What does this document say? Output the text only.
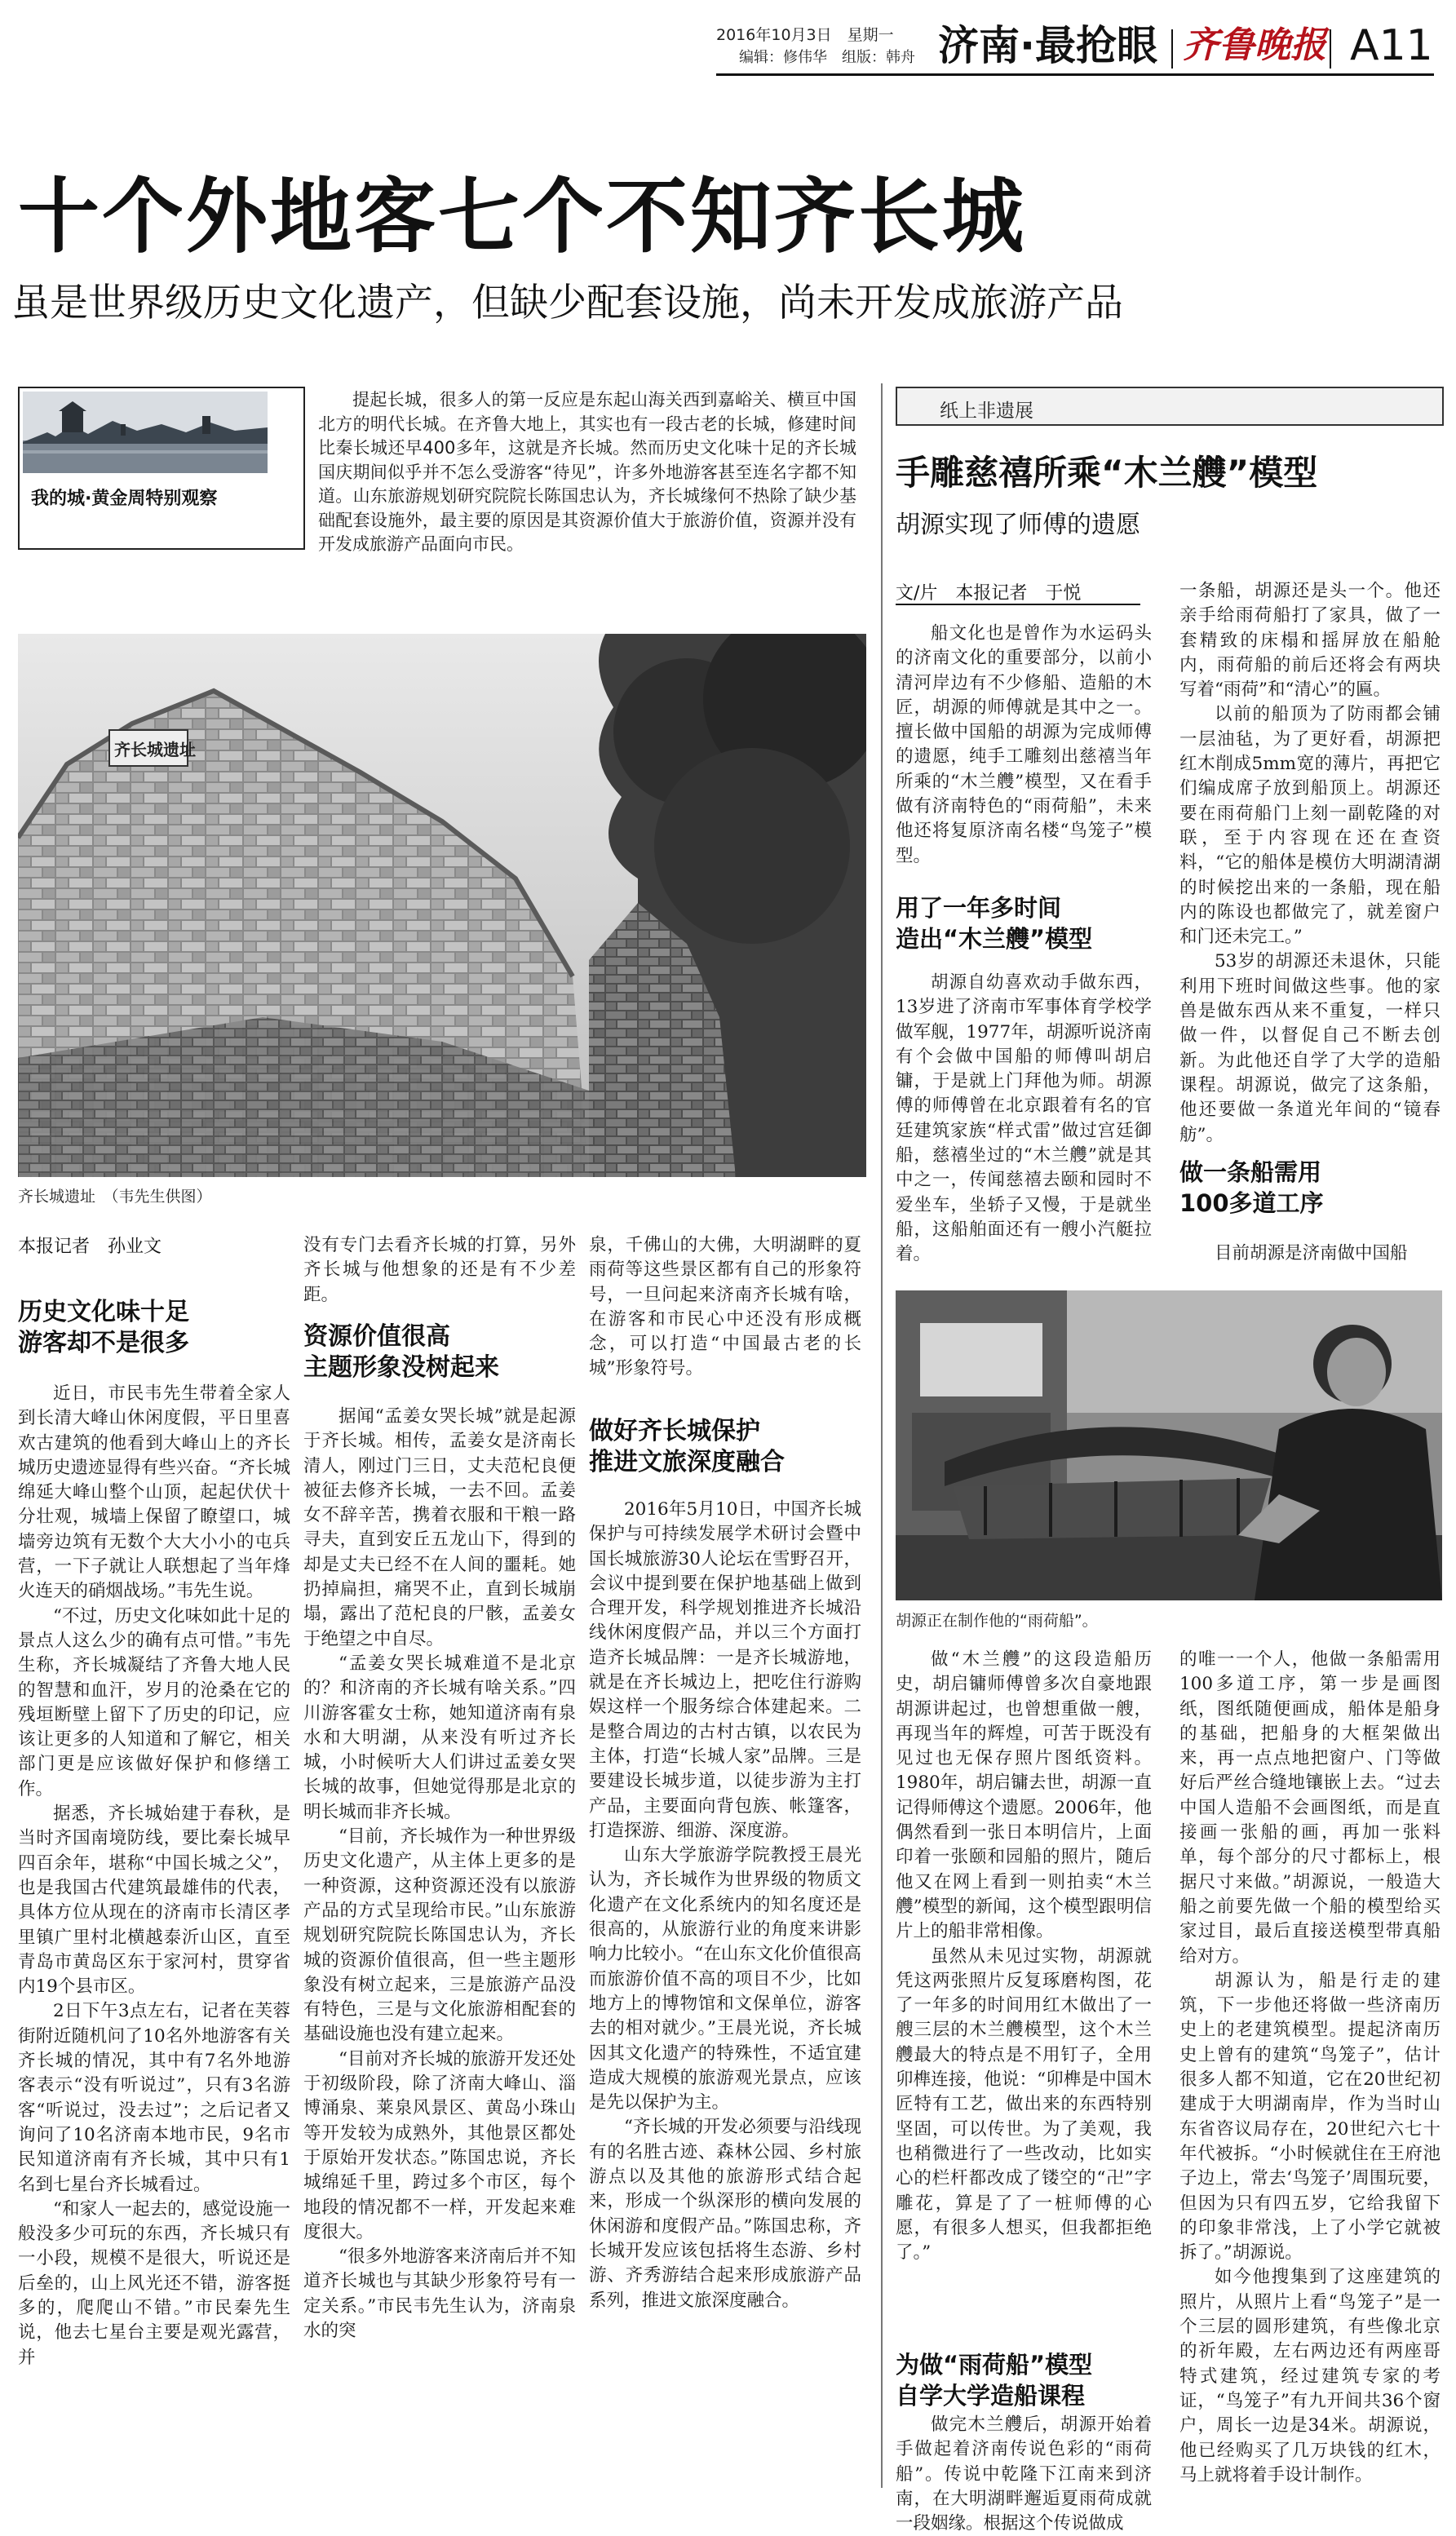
2016年10月3日　 星期一
编辑：修伟华　组版：韩舟 济南·最抢眼 齐鲁晚报 A11
十个外地客七个不知齐长城
虽是世界级历史文化遗产，但缺少配套设施，尚未开发成旅游产品
我的城·黄金周特别观察

提起长城，很多人的第一反应是东起山海关西到嘉峪关、横亘中国北方的明代长城。在齐鲁大地上，其实也有一段古老的长城，修建时间比秦长城还早400多年，这就是齐长城。然而历史文化味十足的齐长城国庆期间似乎并不怎么受游客“待见”，许多外地游客甚至连名字都不知道。山东旅游规划研究院院长陈国忠认为，齐长城缘何不热除了缺少基础配套设施外，最主要的原因是其资源价值大于旅游价值，资源并没有开发成旅游产品面向市民。

齐长城遗址
齐长城遗址　（韦先生供图）
本报记者　孙业文
历史文化味十足
游客却不是很多

近日，市民韦先生带着全家人到长清大峰山休闲度假，平日里喜欢古建筑的他看到大峰山上的齐长城历史遗迹显得有些兴奋。“齐长城绵延大峰山整个山顶，起起伏伏十分壮观，城墙上保留了瞭望口，城墙旁边筑有无数个大大小小的屯兵营，一下子就让人联想起了当年烽火连天的硝烟战场。”韦先生说。

“不过，历史文化味如此十足的景点人这么少的确有点可惜。”韦先生称，齐长城凝结了齐鲁大地人民的智慧和血汗，岁月的沧桑在它的残垣断壁上留下了历史的印记，应该让更多的人知道和了解它，相关部门更是应该做好保护和修缮工作。

据悉，齐长城始建于春秋，是当时齐国南境防线，要比秦长城早四百余年，堪称“中国长城之父”，也是我国古代建筑最雄伟的代表，具体方位从现在的济南市长清区孝里镇广里村北横越泰沂山区，直至青岛市黄岛区东于家河村，贯穿省内19个县市区。

2日下午3点左右，记者在芙蓉街附近随机问了10名外地游客有关齐长城的情况，其中有7名外地游客表示“没有听说过”，只有3名游客“听说过，没去过”；之后记者又询问了10名济南本地市民，9名市民知道济南有齐长城，其中只有1名到七星台齐长城看过。

“和家人一起去的，感觉设施一般没多少可玩的东西，齐长城只有一小段，规模不是很大，听说还是后垒的，山上风光还不错，游客挺多的，爬爬山不错。”市民秦先生说，他去七星台主要是观光露营，并

没有专门去看齐长城的打算，另外齐长城与他想象的还是有不少差距。

资源价值很高
主题形象没树起来

据闻“孟姜女哭长城”就是起源于齐长城。相传，孟姜女是济南长清人，刚过门三日，丈夫范杞良便被征去修齐长城，一去不回。孟姜女不辞辛苦，携着衣服和干粮一路寻夫，直到安丘五龙山下，得到的却是丈夫已经不在人间的噩耗。她扔掉扁担，痛哭不止，直到长城崩塌，露出了范杞良的尸骸，孟姜女于绝望之中自尽。

“孟姜女哭长城难道不是北京的？和济南的齐长城有啥关系。”四川游客霍女士称，她知道济南有泉水和大明湖，从来没有听过齐长城，小时候听大人们讲过孟姜女哭长城的故事，但她觉得那是北京的明长城而非齐长城。

“目前，齐长城作为一种世界级历史文化遗产，从主体上更多的是一种资源，这种资源还没有以旅游产品的方式呈现给市民。”山东旅游规划研究院院长陈国忠认为，齐长城的资源价值很高，但一些主题形象没有树立起来，三是旅游产品没有特色，三是与文化旅游相配套的基础设施也没有建立起来。

“目前对齐长城的旅游开发还处于初级阶段，除了济南大峰山、淄博涌泉、莱泉风景区、黄岛小珠山等开发较为成熟外，其他景区都处于原始开发状态。”陈国忠说，齐长城绵延千里，跨过多个市区，每个地段的情况都不一样，开发起来难度很大。

“很多外地游客来济南后并不知道齐长城也与其缺少形象符号有一定关系。”市民韦先生认为，济南泉水的突

泉，千佛山的大佛，大明湖畔的夏雨荷等这些景区都有自己的形象符号，一旦问起来济南齐长城有啥，在游客和市民心中还没有形成概念，可以打造“中国最古老的长城”形象符号。

做好齐长城保护
推进文旅深度融合

2016年5月10日，中国齐长城保护与可持续发展学术研讨会暨中国长城旅游30人论坛在雪野召开，会议中提到要在保护地基础上做到合理开发，科学规划推进齐长城沿线休闲度假产品，并以三个方面打造齐长城品牌：一是齐长城游地，就是在齐长城边上，把吃住行游购娱这样一个服务综合体建起来。二是整合周边的古村古镇，以农民为主体，打造“长城人家”品牌。三是要建设长城步道，以徒步游为主打产品，主要面向背包族、帐篷客，打造探游、细游、深度游。

山东大学旅游学院教授王晨光认为，齐长城作为世界级的物质文化遗产在文化系统内的知名度还是很高的，从旅游行业的角度来讲影响力比较小。“在山东文化价值很高而旅游价值不高的项目不少，比如地方上的博物馆和文保单位，游客去的相对就少。”王晨光说，齐长城因其文化遗产的特殊性，不适宜建造成大规模的旅游观光景点，应该是先以保护为主。

“齐长城的开发必须要与沿线现有的名胜古迹、森林公园、乡村旅游点以及其他的旅游形式结合起来，形成一个纵深形的横向发展的休闲游和度假产品。”陈国忠称，齐长城开发应该包括将生态游、乡村游、齐秀游结合起来形成旅游产品系列，推进文旅深度融合。

纸上非遗展
手雕慈禧所乘“木兰艭”模型
胡源实现了师傅的遗愿
文/片　本报记者　于悦

船文化也是曾作为水运码头的济南文化的重要部分，以前小清河岸边有不少修船、造船的木匠，胡源的师傅就是其中之一。擅长做中国船的胡源为完成师傅的遗愿，纯手工雕刻出慈禧当年所乘的“木兰艭”模型，又在看手做有济南特色的“雨荷船”，未来他还将复原济南名楼“鸟笼子”模型。

用了一年多时间
造出“木兰艭”模型

胡源自幼喜欢动手做东西，13岁进了济南市军事体育学校学做军舰，1977年，胡源听说济南有个会做中国船的师傅叫胡启镛，于是就上门拜他为师。胡源傅的师傅曾在北京跟着有名的官廷建筑家族“样式雷”做过宫廷御船，慈禧坐过的“木兰艭”就是其中之一，传闻慈禧去颐和园时不爱坐车，坐轿子又慢，于是就坐船，这船舶面还有一艘小汽艇拉着。

一条船，胡源还是头一个。他还亲手给雨荷船打了家具，做了一套精致的床榻和摇屏放在船舱内，雨荷船的前后还将会有两块写着“雨荷”和“清心”的匾。

以前的船顶为了防雨都会铺一层油毡，为了更好看，胡源把红木削成5mm宽的薄片，再把它们编成席子放到船顶上。胡源还要在雨荷船门上刻一副乾隆的对联，至于内容现在还在查资料，“它的船体是模仿大明湖清湖的时候挖出来的一条船，现在船内的陈设也都做完了，就差窗户和门还未完工。”

53岁的胡源还未退休，只能利用下班时间做这些事。他的家兽是做东西从来不重复，一样只做一件，以督促自己不断去创新。为此他还自学了大学的造船课程。胡源说，做完了这条船，他还要做一条道光年间的“镜春舫”。

做一条船需用
100多道工序

目前胡源是济南做中国船

胡源正在制作他的“雨荷船”。

做“木兰艭”的这段造船历史，胡启镛师傅曾多次自豪地跟胡源讲起过，也曾想重做一艘，再现当年的辉煌，可苦于既没有见过也无保存照片图纸资料。1980年，胡启镛去世，胡源一直记得师傅这个遗愿。2006年，他偶然看到一张日本明信片，上面印着一张颐和园船的照片，随后他又在网上看到一则拍卖“木兰艭”模型的新闻，这个模型跟明信片上的船非常相像。

虽然从未见过实物，胡源就凭这两张照片反复琢磨构图，花了一年多的时间用红木做出了一艘三层的木兰艭模型，这个木兰艭最大的特点是不用钉子，全用卯榫连接，他说：“卯榫是中国木匠特有工艺，做出来的东西特别坚固，可以传世。为了美观，我也稍微进行了一些改动，比如实心的栏杆都改成了镂空的“卍”字雕花，算是了了一桩师傅的心愿，有很多人想买，但我都拒绝了。”

为做“雨荷船”模型
自学大学造船课程

做完木兰艭后，胡源开始着手做起着济南传说色彩的“雨荷船”。传说中乾隆下江南来到济南，在大明湖畔邂逅夏雨荷成就一段姻缘。根据这个传说做成

的唯一一个人，他做一条船需用100多道工序，第一步是画图纸，图纸随便画成，船体是船身的基础，把船身的大框架做出来，再一点点地把窗户、门等做好后严丝合缝地镶嵌上去。“过去中国人造船不会画图纸，而是直接画一张船的画，再加一张料单，每个部分的尺寸都标上，根据尺寸来做。”胡源说，一般造大船之前要先做一个船的模型给买家过目，最后直接送模型带真船给对方。

胡源认为，船是行走的建筑，下一步他还将做一些济南历史上的老建筑模型。提起济南历史上曾有的建筑“鸟笼子”，估计很多人都不知道，它在20世纪初建成于大明湖南岸，作为当时山东省咨议局存在，20世纪六七十年代被拆。“小时候就住在王府池子边上，常去‘鸟笼子’周围玩要，但因为只有四五岁，它给我留下的印象非常浅，上了小学它就被拆了。”胡源说。

如今他搜集到了这座建筑的照片，从照片上看“鸟笼子”是一个三层的圆形建筑，有些像北京的祈年殿，左右两边还有两座哥特式建筑，经过建筑专家的考证，“鸟笼子”有九开间共36个窗户，周长一边是34米。胡源说，他已经购买了几万块钱的红木，马上就将着手设计制作。
